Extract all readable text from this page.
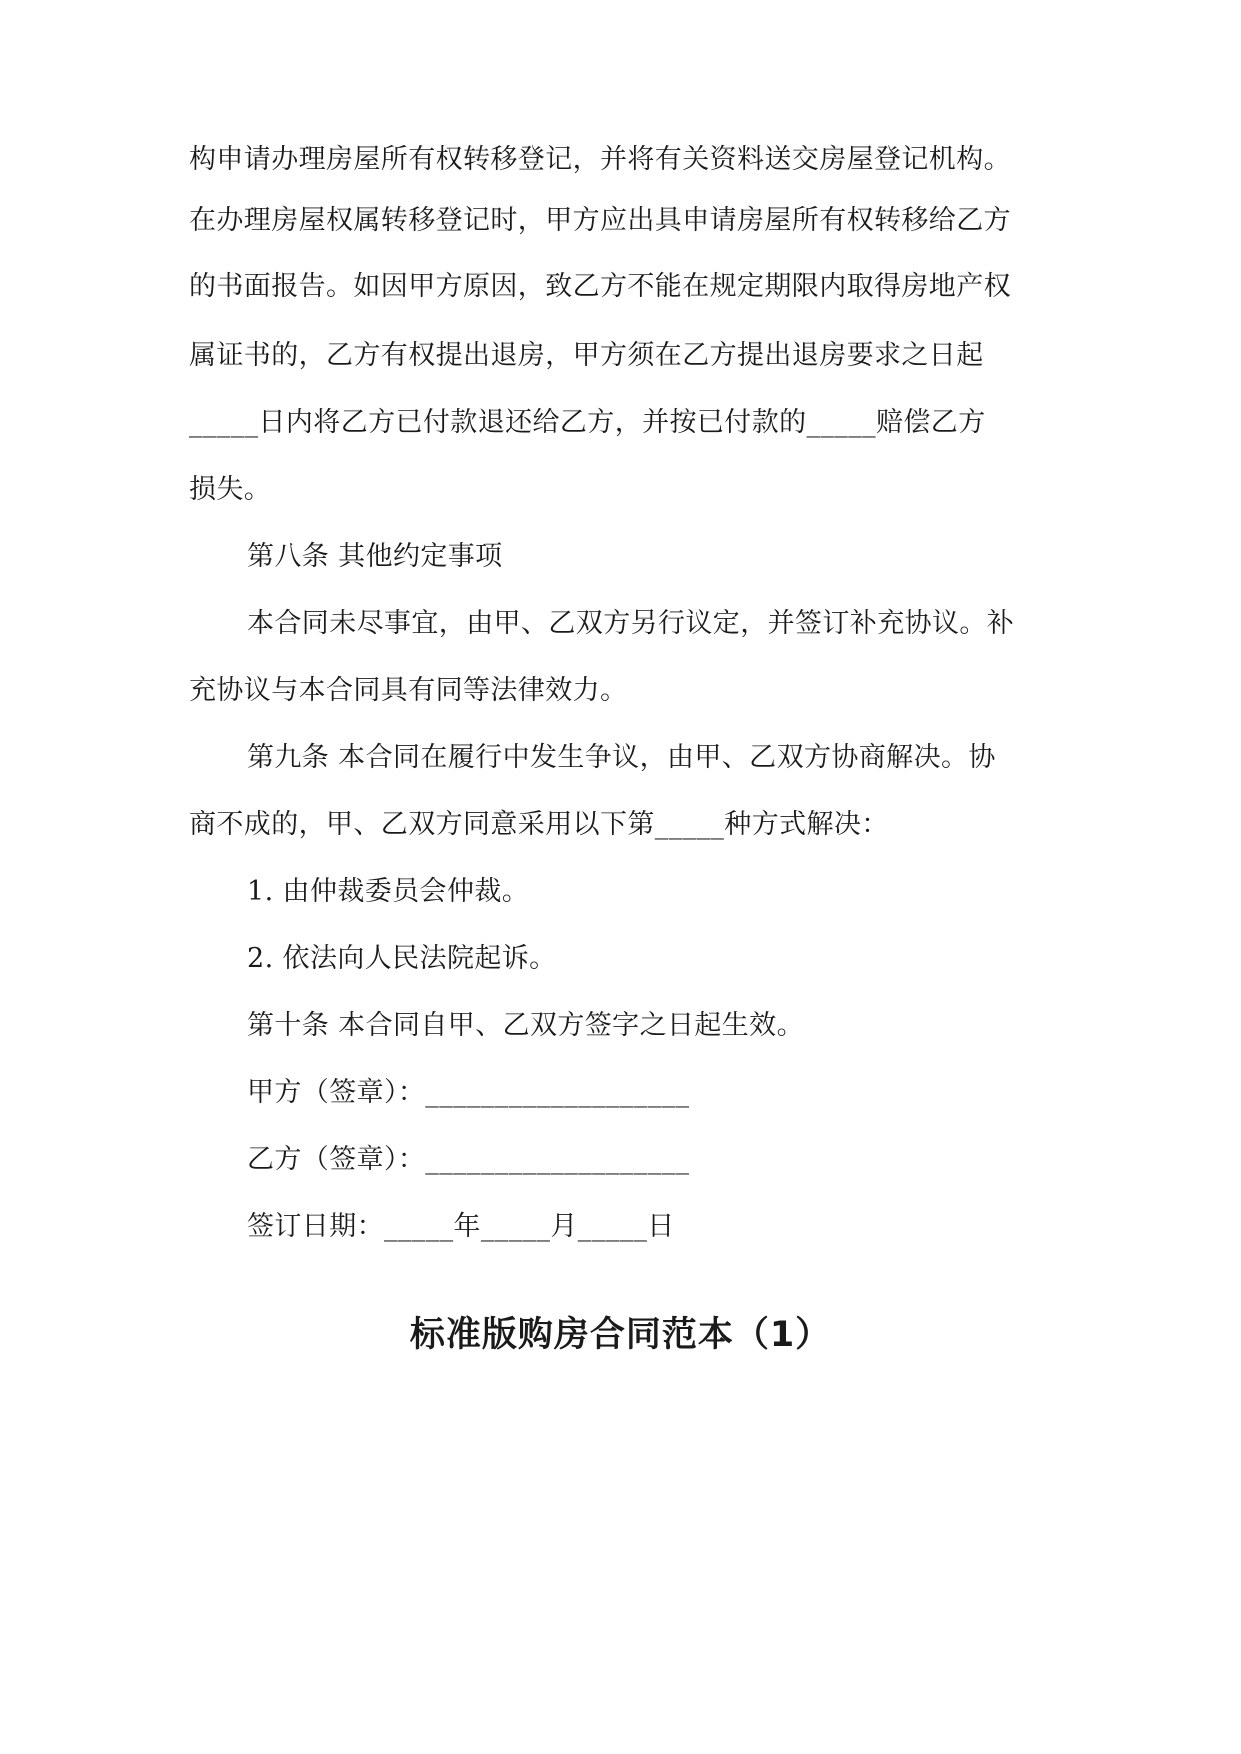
构申请办理房屋所有权转移登记，并将有关资料送交房屋登记机构。
在办理房屋权属转移登记时，甲方应出具申请房屋所有权转移给乙方
的书面报告。如因甲方原因，致乙方不能在规定期限内取得房地产权
属证书的，乙方有权提出退房，甲方须在乙方提出退房要求之日起
_____日内将乙方已付款退还给乙方，并按已付款的_____赔偿乙方
损失。
第八条 其他约定事项
本合同未尽事宜，由甲、乙双方另行议定，并签订补充协议。补
充协议与本合同具有同等法律效力。
第九条 本合同在履行中发生争议，由甲、乙双方协商解决。协
商不成的，甲、乙双方同意采用以下第_____种方式解决：
1. 由仲裁委员会仲裁。
2. 依法向人民法院起诉。
第十条 本合同自甲、乙双方签字之日起生效。
甲方（签章）：___________________
乙方（签章）：___________________
签订日期：_____年_____月_____日
标准版购房合同范本（1）
